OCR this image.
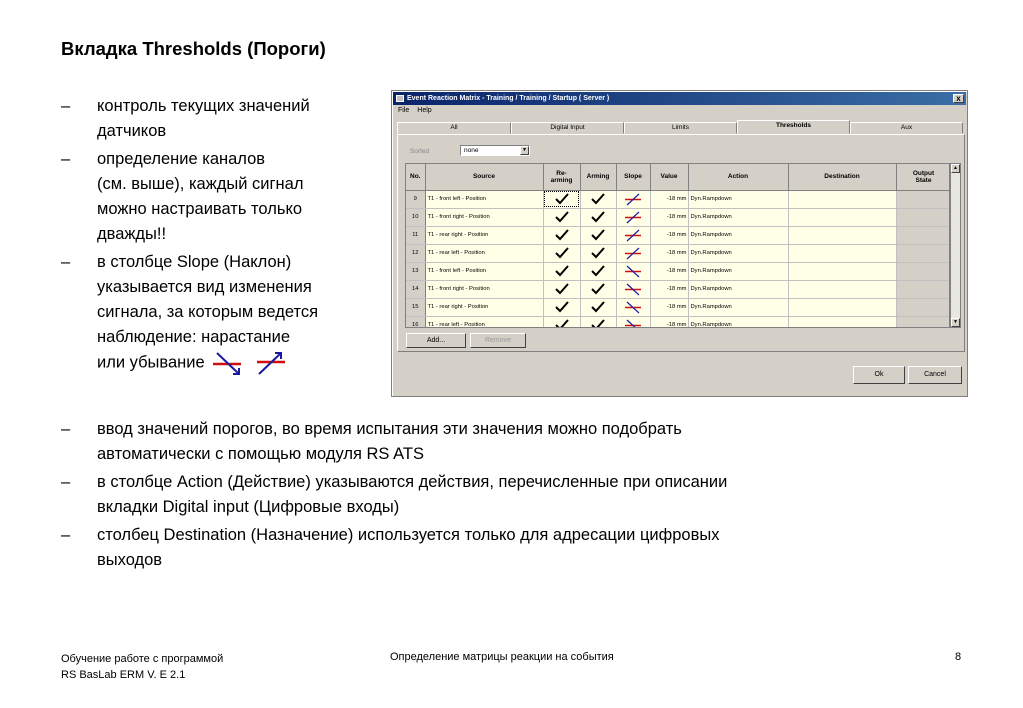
Вкладка Thresholds (Пороги)
–	контроль текущих значений
датчиков
–	определение каналов
(см. выше), каждый сигнал
можно настраивать только
дважды!!
–	в столбце Slope (Наклон)
указывается вид изменения
сигнала, за которым ведется
наблюдение: нарастание
или убывание
–	ввод значений порогов, во время испытания эти значения можно подобрать
автоматически с помощью модуля RS ATS
–	в столбце Action (Действие) указываются действия, перечисленные при описании
вкладки Digital input (Цифровые входы)
–	столбец Destination (Назначение) используется только для адресации цифровых
выходов
Event Reaction Matrix - Training / Training / Startup ( Server )	x
File Help
All	Digital Input	Limits	Thresholds	Aux
Sorted	none	▼
No.	Source	Re-
arming	Arming	Slope	Value	Action	Destination	Output
State
9	T1 - front left - Position				-18 mm	Dyn.Rampdown		
10	T1 - front right - Position				-18 mm	Dyn.Rampdown		
11	T1 - rear right - Position				-18 mm	Dyn.Rampdown		
12	T1 - rear left - Position				-18 mm	Dyn.Rampdown		
13	T1 - front left - Position				-18 mm	Dyn.Rampdown		
14	T1 - front right - Position				-18 mm	Dyn.Rampdown		
15	T1 - rear right - Position				-18 mm	Dyn.Rampdown		
16	T1 - rear left - Position				-18 mm	Dyn.Rampdown		
▲
▼
Add...	Remove
Ok	Cancel
Обучение работе с программой
RS BasLab ERM V. E 2.1
Определение матрицы реакции на события	8
